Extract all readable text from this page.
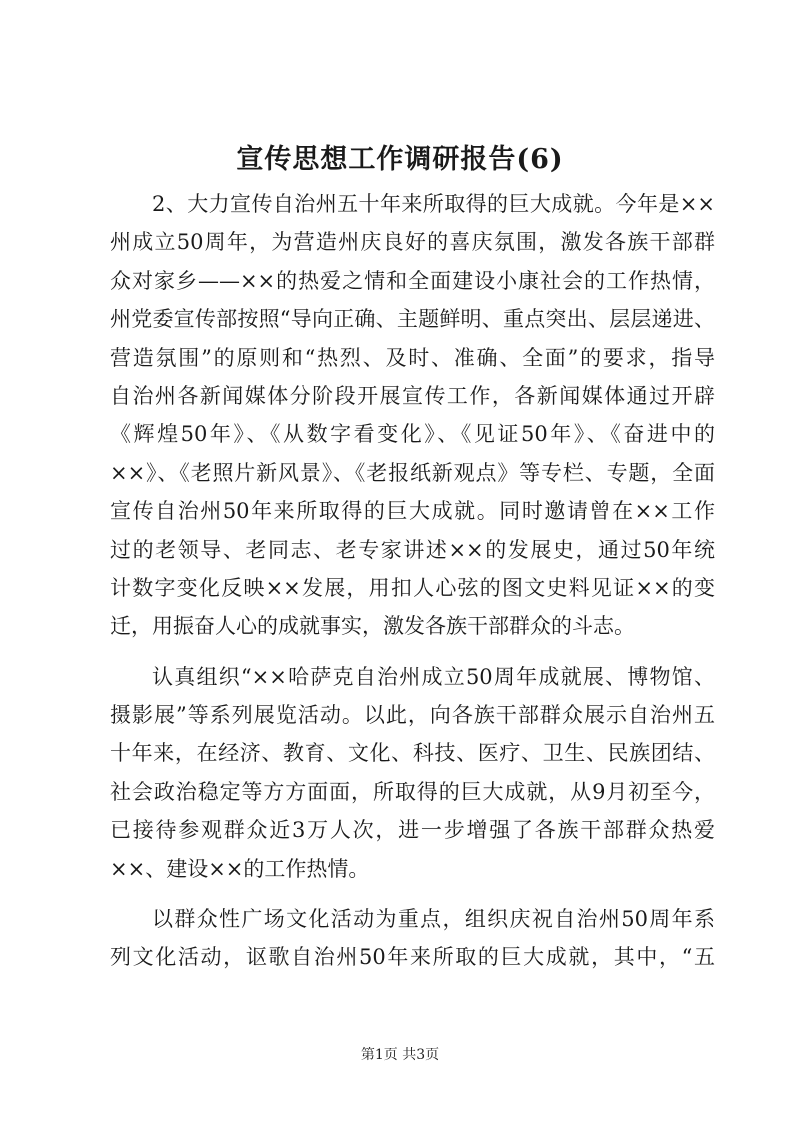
宣传思想工作调研报告(6)
2、大力宣传自治州五十年来所取得的巨大成就。今年是××
州成立50周年，为营造州庆良好的喜庆氛围，激发各族干部群
众对家乡——××的热爱之情和全面建设小康社会的工作热情，
州党委宣传部按照“导向正确、主题鲜明、重点突出、层层递进、
营造氛围”的原则和“热烈、及时、准确、全面”的要求，指导
自治州各新闻媒体分阶段开展宣传工作，各新闻媒体通过开辟
《辉煌50年》、《从数字看变化》、《见证50年》、《奋进中的
××》、《老照片新风景》、《老报纸新观点》等专栏、专题，全面
宣传自治州50年来所取得的巨大成就。同时邀请曾在××工作
过的老领导、老同志、老专家讲述××的发展史，通过50年统
计数字变化反映××发展，用扣人心弦的图文史料见证××的变
迁，用振奋人心的成就事实，激发各族干部群众的斗志。
认真组织“××哈萨克自治州成立50周年成就展、博物馆、
摄影展”等系列展览活动。以此，向各族干部群众展示自治州五
十年来，在经济、教育、文化、科技、医疗、卫生、民族团结、
社会政治稳定等方方面面，所取得的巨大成就，从9月初至今，
已接待参观群众近3万人次，进一步增强了各族干部群众热爱
××、建设××的工作热情。
以群众性广场文化活动为重点，组织庆祝自治州50周年系
列文化活动，讴歌自治州50年来所取的巨大成就，其中，“五
第1页 共3页
